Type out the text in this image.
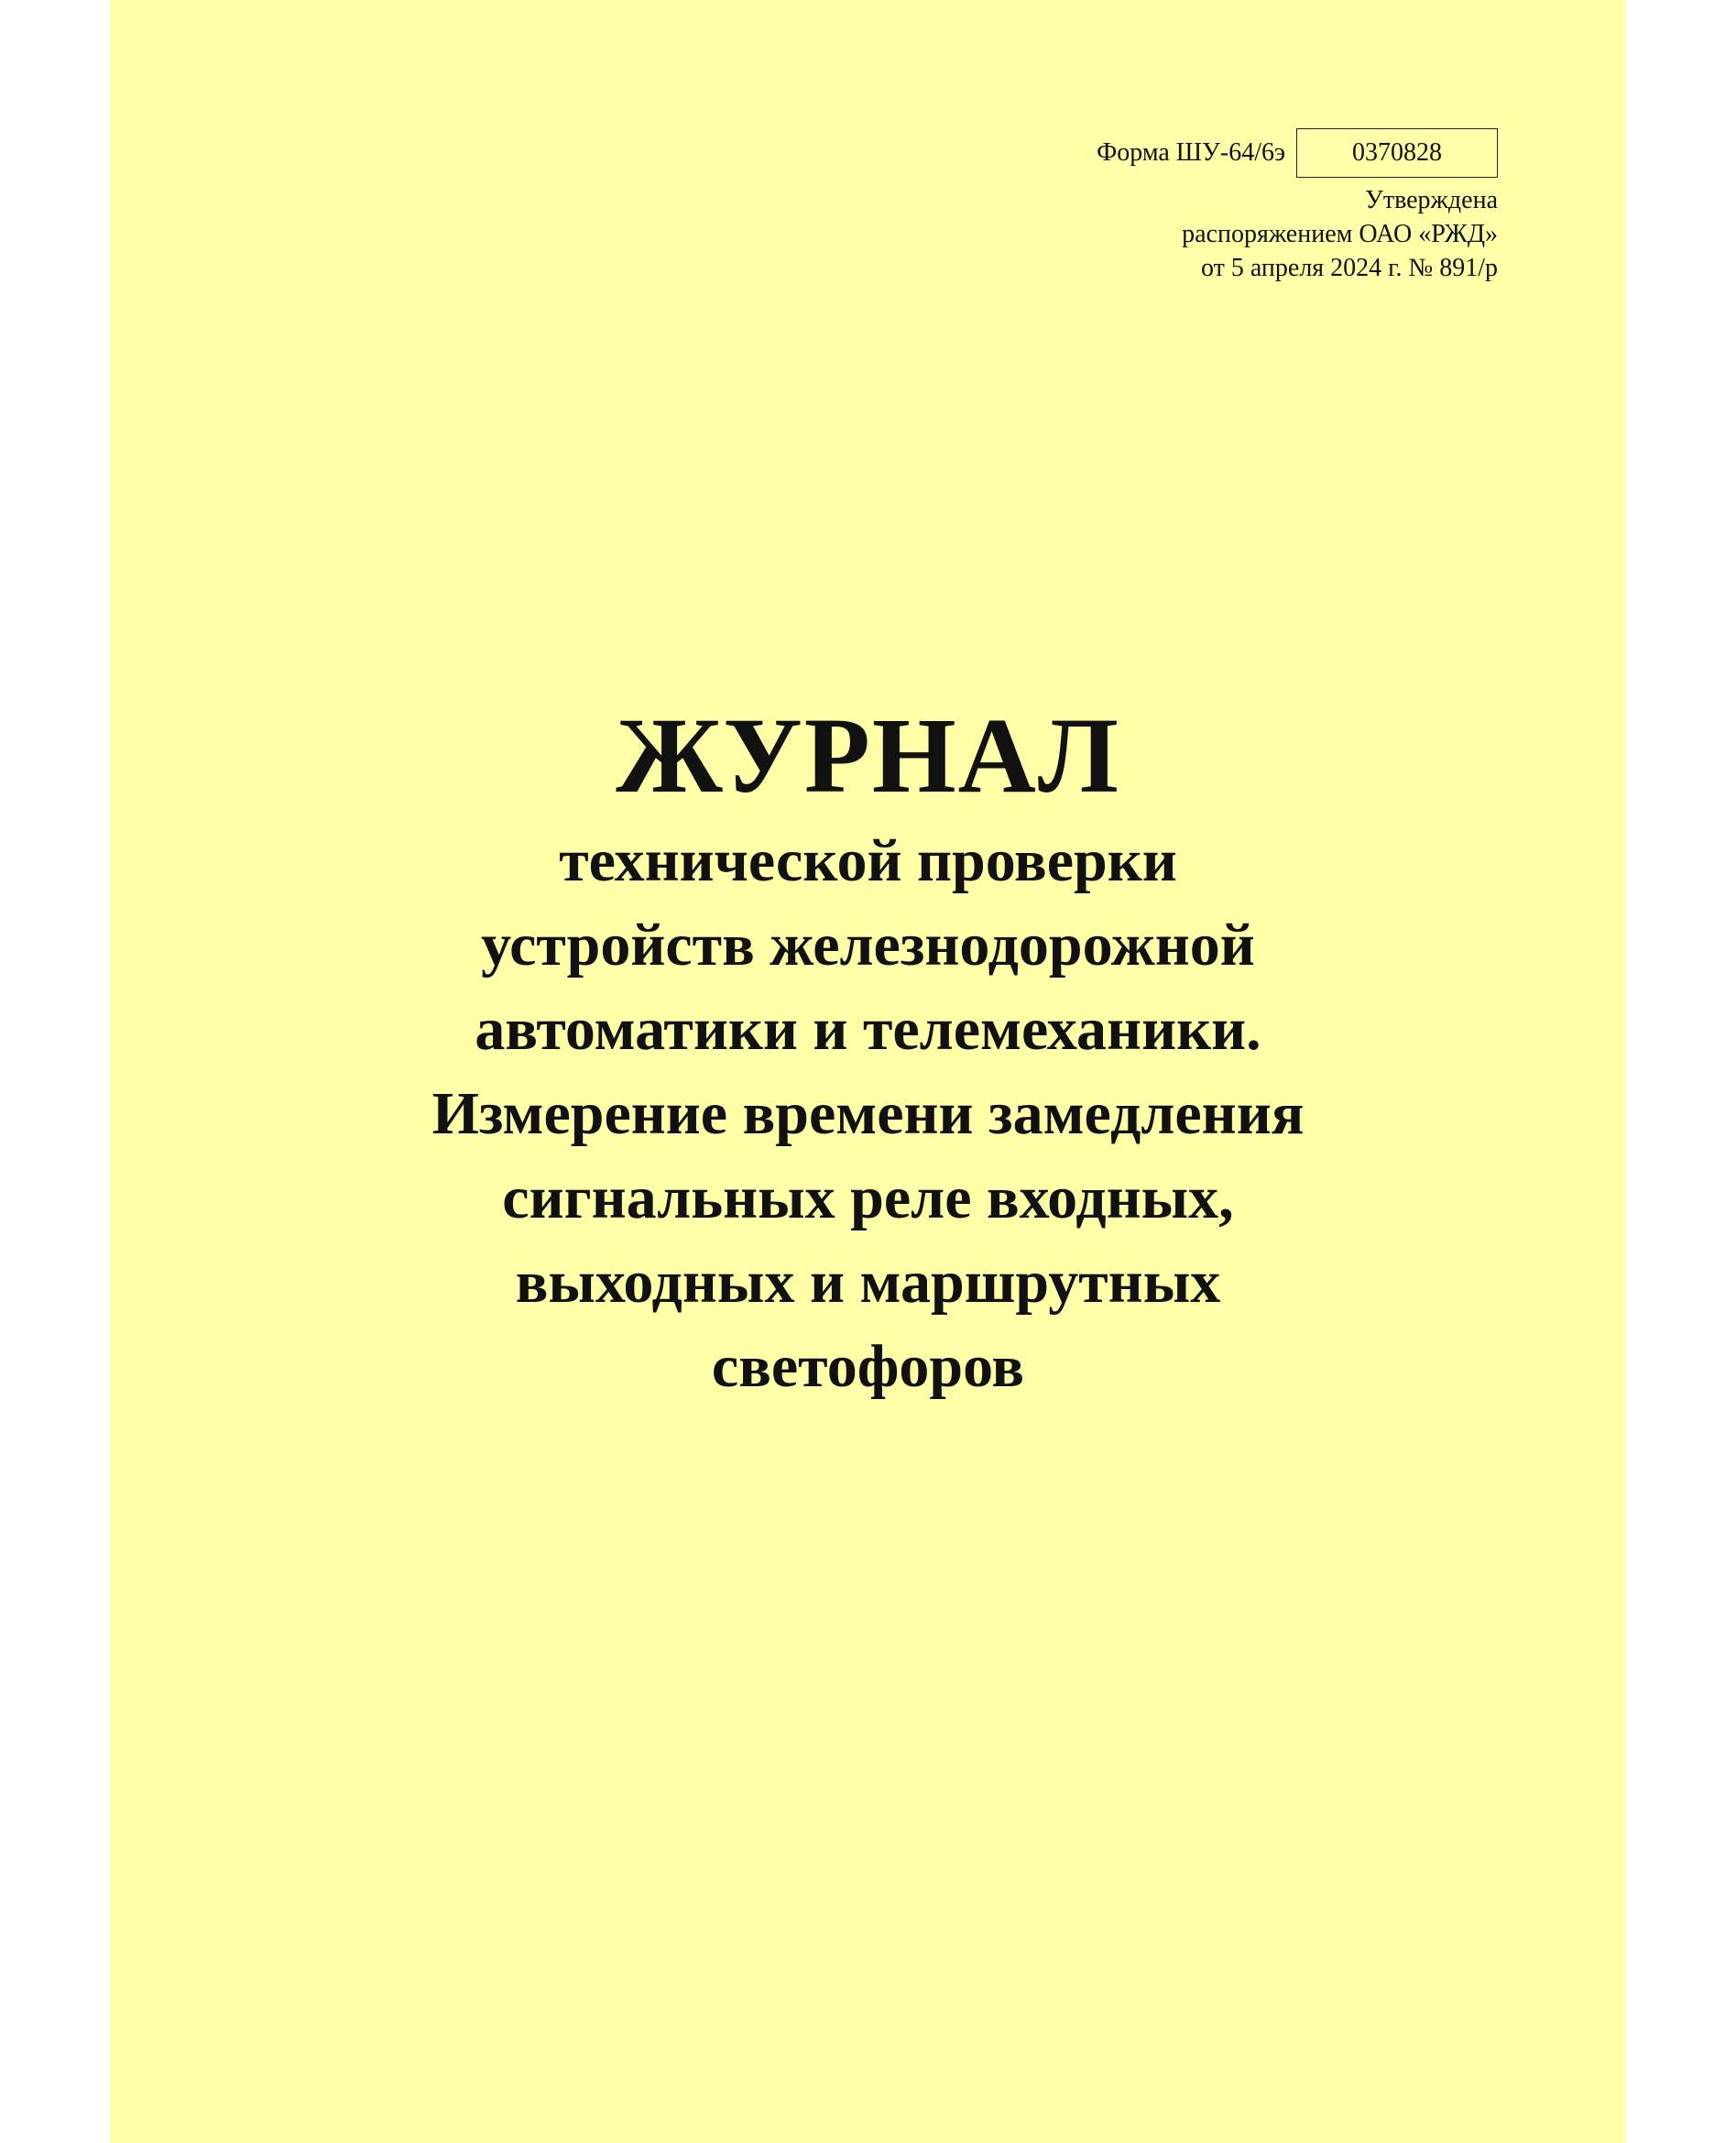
Форма ШУ-64/6э	0370828
Утверждена
распоряжением ОАО «РЖД»
от 5 апреля 2024 г. № 891/р
ЖУРНАЛ
технической проверки
устройств железнодорожной
автоматики и телемеханики.
Измерение времени замедления
сигнальных реле входных,
выходных и маршрутных
светофоров
